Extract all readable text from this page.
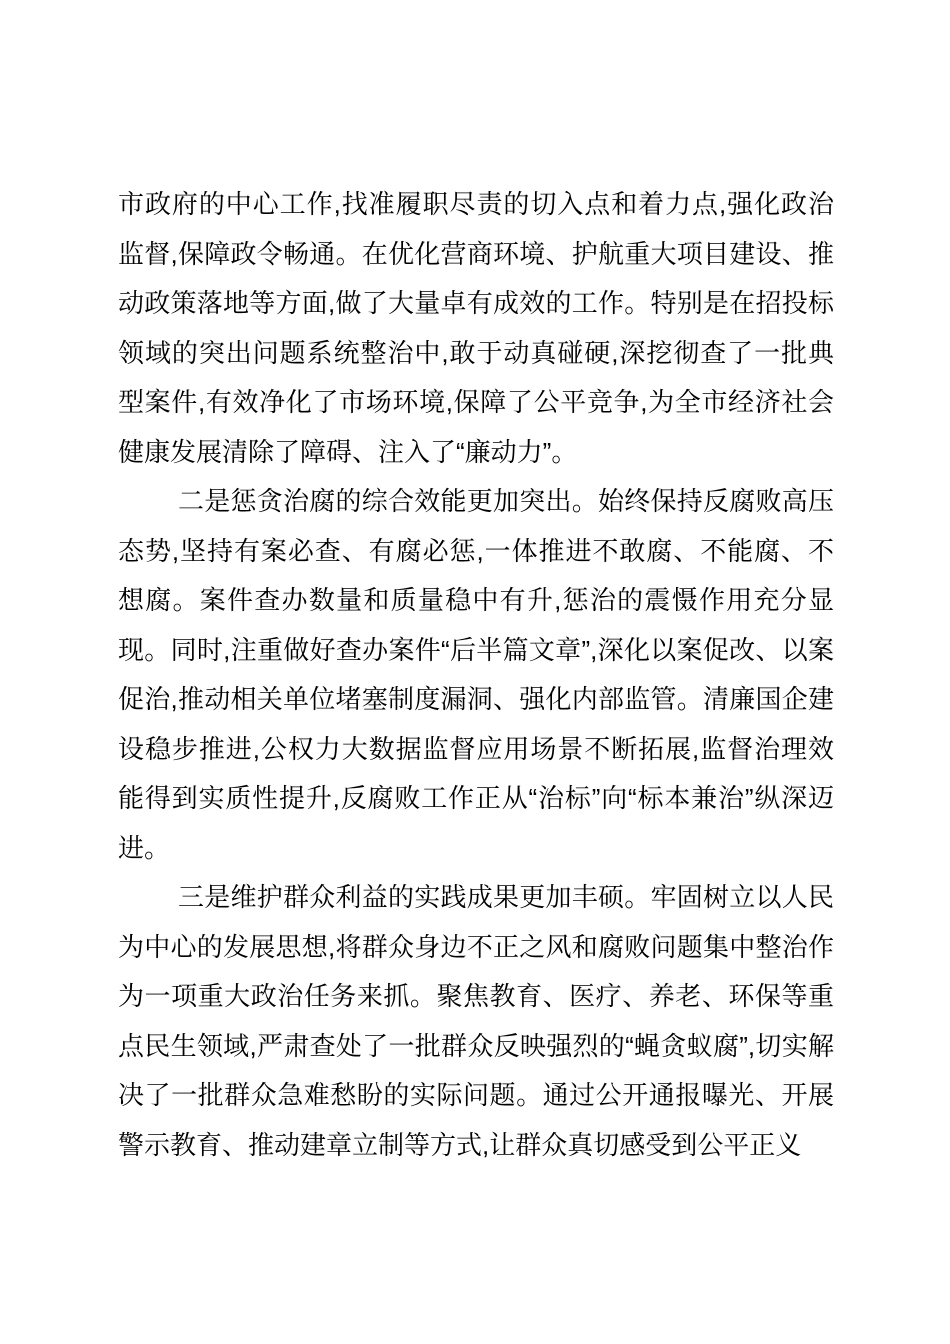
市政府的中心工作,找准履职尽责的切入点和着力点,强化政治监督,保障政令畅通。在优化营商环境、护航重大项目建设、推动政策落地等方面,做了大量卓有成效的工作。特别是在招投标领域的突出问题系统整治中,敢于动真碰硬,深挖彻查了一批典型案件,有效净化了市场环境,保障了公平竞争,为全市经济社会健康发展清除了障碍、注入了“廉动力”。

二是惩贪治腐的综合效能更加突出。始终保持反腐败高压态势,坚持有案必查、有腐必惩,一体推进不敢腐、不能腐、不想腐。案件查办数量和质量稳中有升,惩治的震慑作用充分显现。同时,注重做好查办案件“后半篇文章”,深化以案促改、以案促治,推动相关单位堵塞制度漏洞、强化内部监管。清廉国企建设稳步推进,公权力大数据监督应用场景不断拓展,监督治理效能得到实质性提升,反腐败工作正从“治标”向“标本兼治”纵深迈进。

三是维护群众利益的实践成果更加丰硕。牢固树立以人民为中心的发展思想,将群众身边不正之风和腐败问题集中整治作为一项重大政治任务来抓。聚焦教育、医疗、养老、环保等重点民生领域,严肃查处了一批群众反映强烈的“蝇贪蚁腐”,切实解决了一批群众急难愁盼的实际问题。通过公开通报曝光、开展警示教育、推动建章立制等方式,让群众真切感受到公平正义
